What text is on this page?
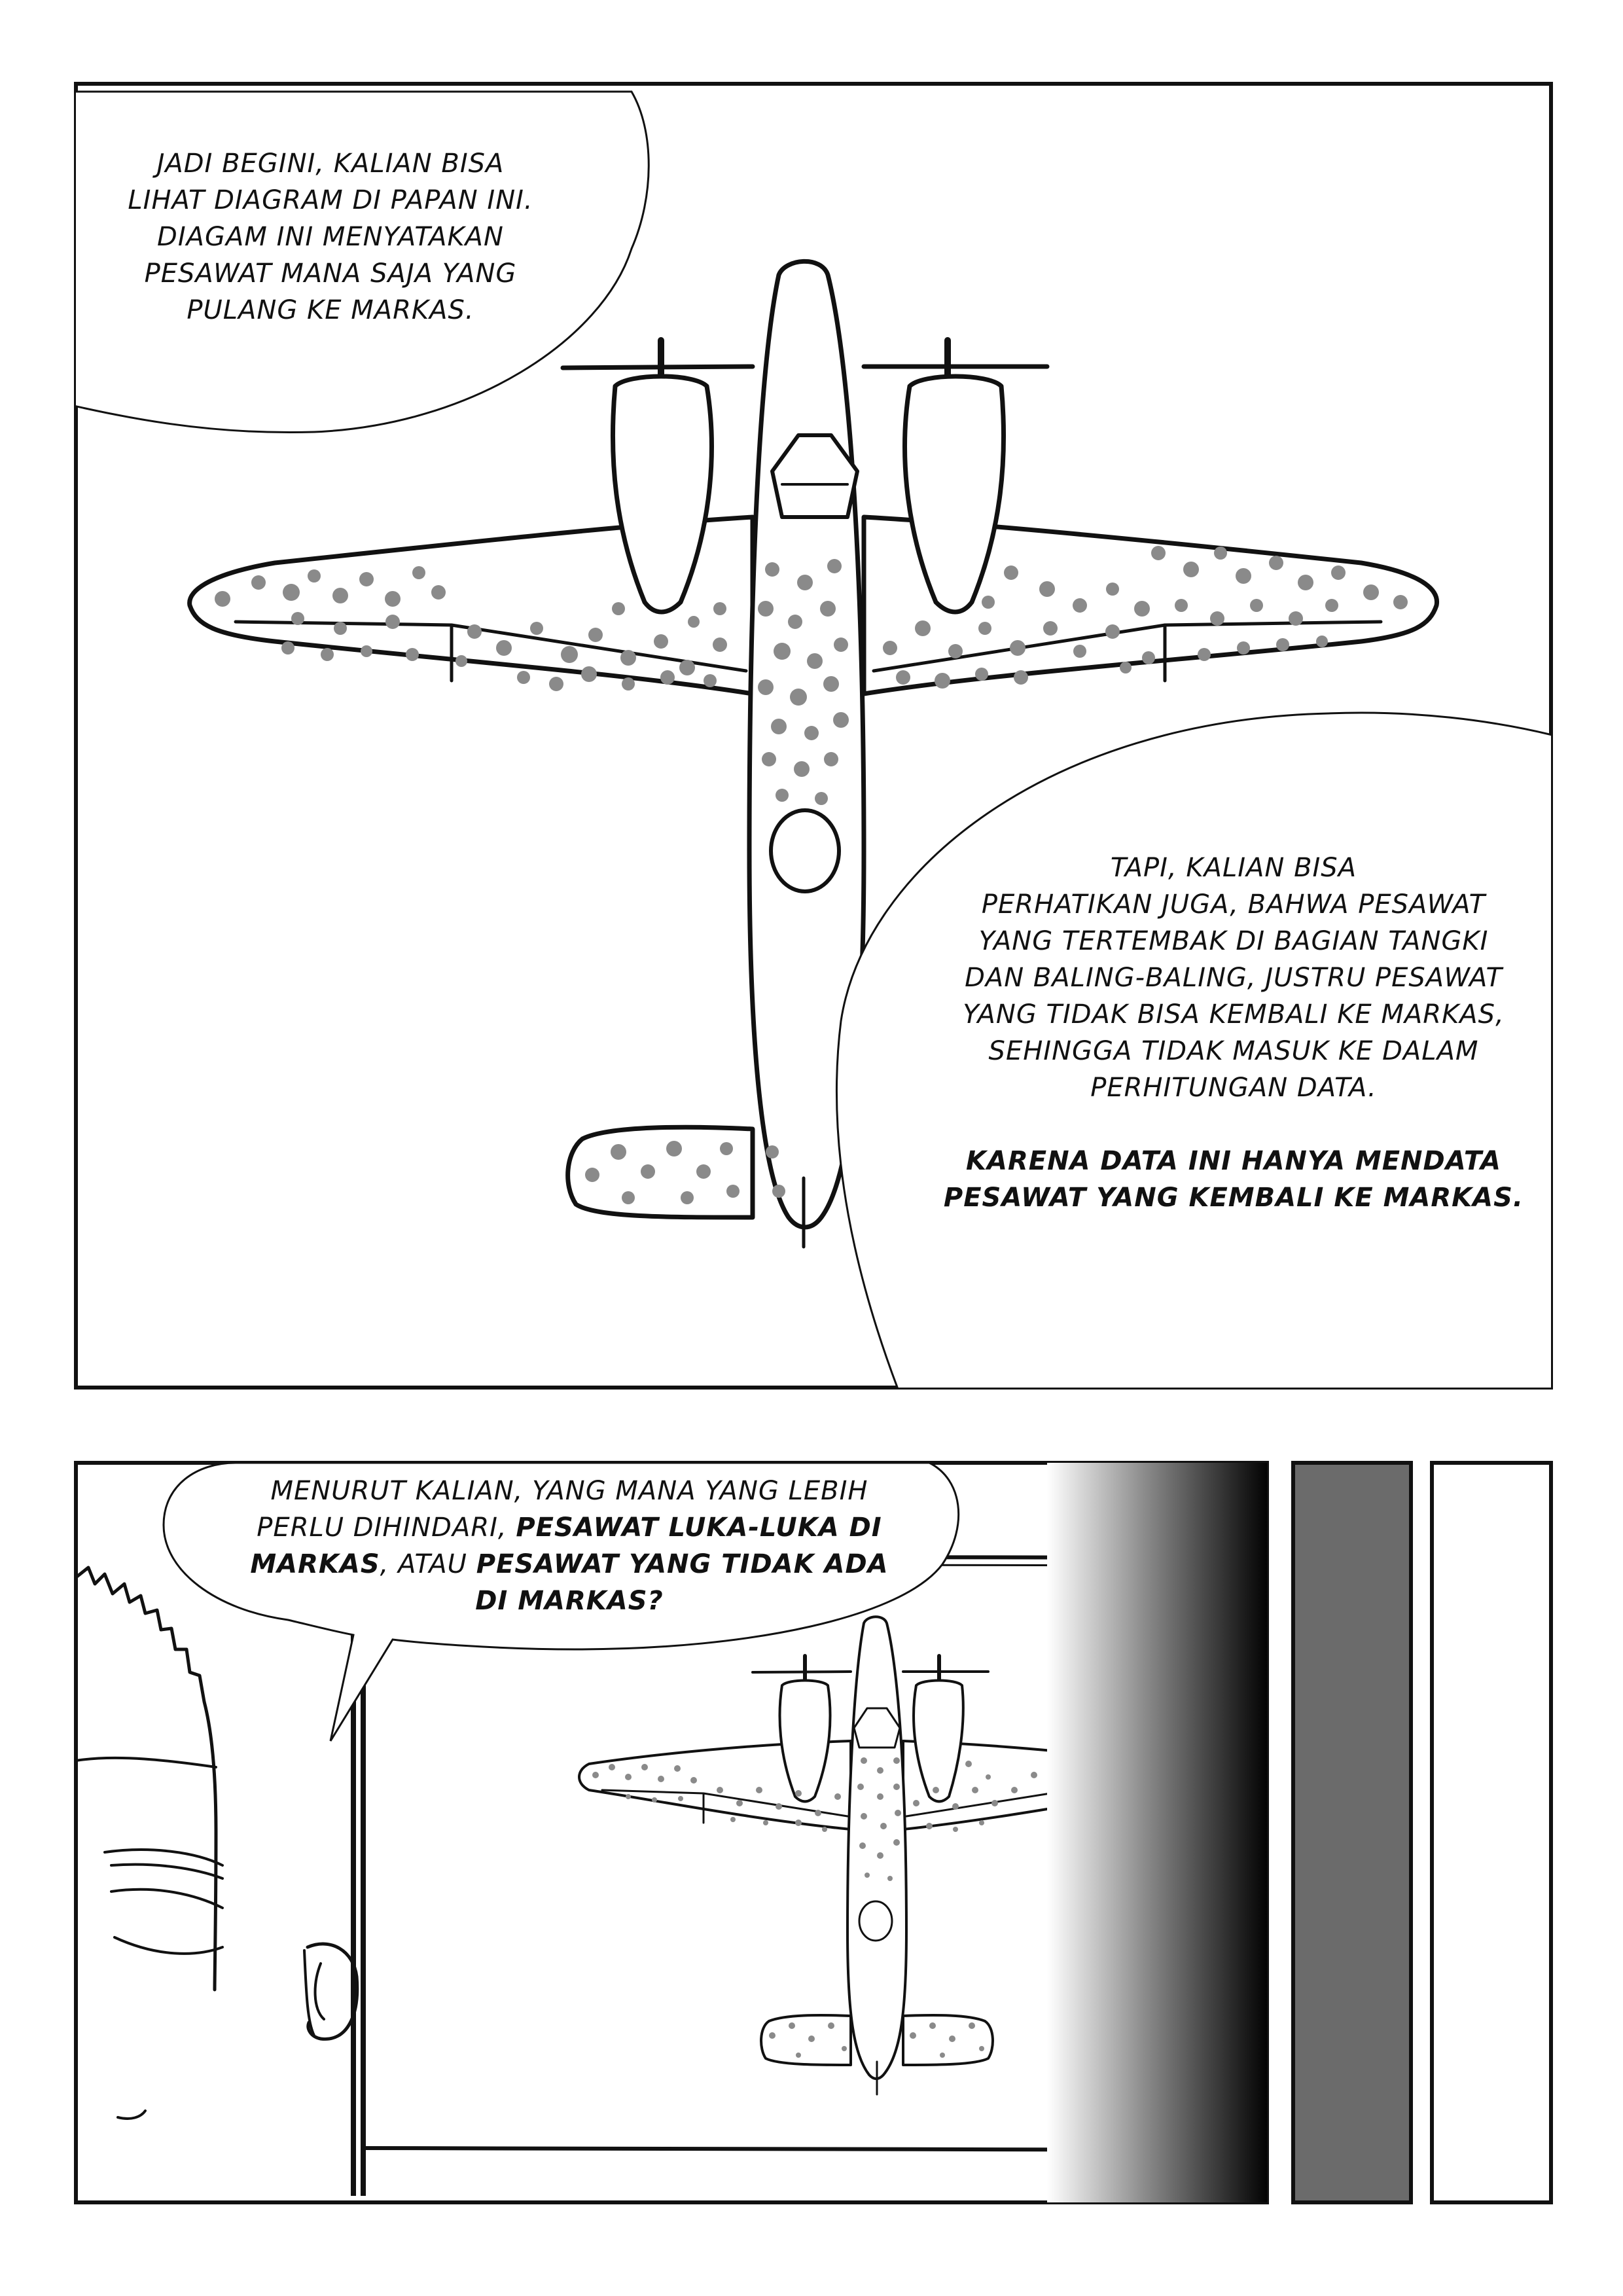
JADI BEGINI, KALIAN BISA

LIHAT DIAGRAM DI PAPAN INI.

DIAGAM INI MENYATAKAN

PESAWAT MANA SAJA YANG

PULANG KE MARKAS.

TAPI, KALIAN BISA

PERHATIKAN JUGA, BAHWA PESAWAT

YANG TERTEMBAK DI BAGIAN TANGKI

DAN BALING-BALING, JUSTRU PESAWAT

YANG TIDAK BISA KEMBALI KE MARKAS,

SEHINGGA TIDAK MASUK KE DALAM

PERHITUNGAN DATA.

KARENA DATA INI HANYA MENDATA

PESAWAT YANG KEMBALI KE MARKAS.

MENURUT KALIAN, YANG MANA YANG LEBIH

PERLU DIHINDARI, PESAWAT LUKA-LUKA DI

MARKAS, ATAU PESAWAT YANG TIDAK ADA

DI MARKAS?
